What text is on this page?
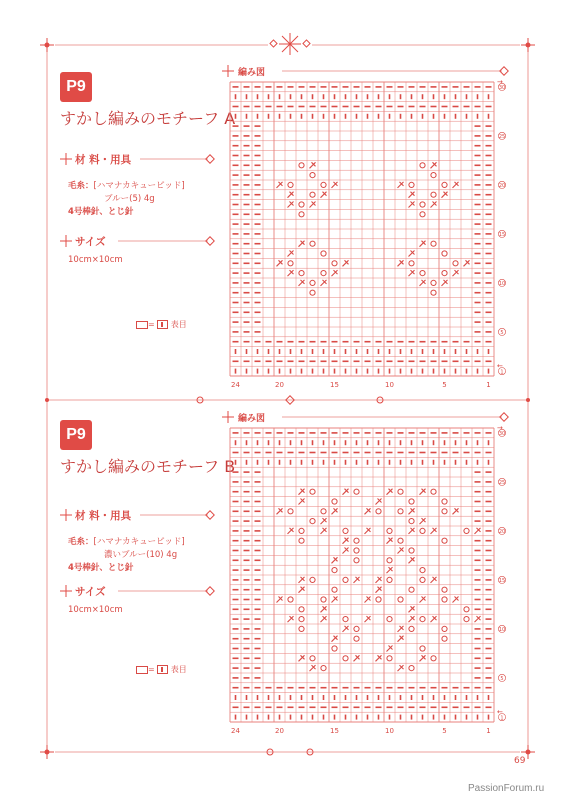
P9
すかし編みのモチーフ A
材 料・用具
毛糸：[ハマナカキューピッド]
ブルー(5) 4g
4号棒針、とじ針
サイズ
10cm×10cm
=  表目
編み図
24	20	15	10	5	1
30
25
20
15
10
5
1
←
→
P9
すかし編みのモチーフ B
材 料・用具
毛糸：[ハマナカキューピッド]
濃いブルー(10) 4g
4号棒針、とじ針
サイズ
10cm×10cm
=  表目
編み図
24	20	15	10	5	1
30
25
20
15
10
5
1
←
→
69
PassionForum.ru
